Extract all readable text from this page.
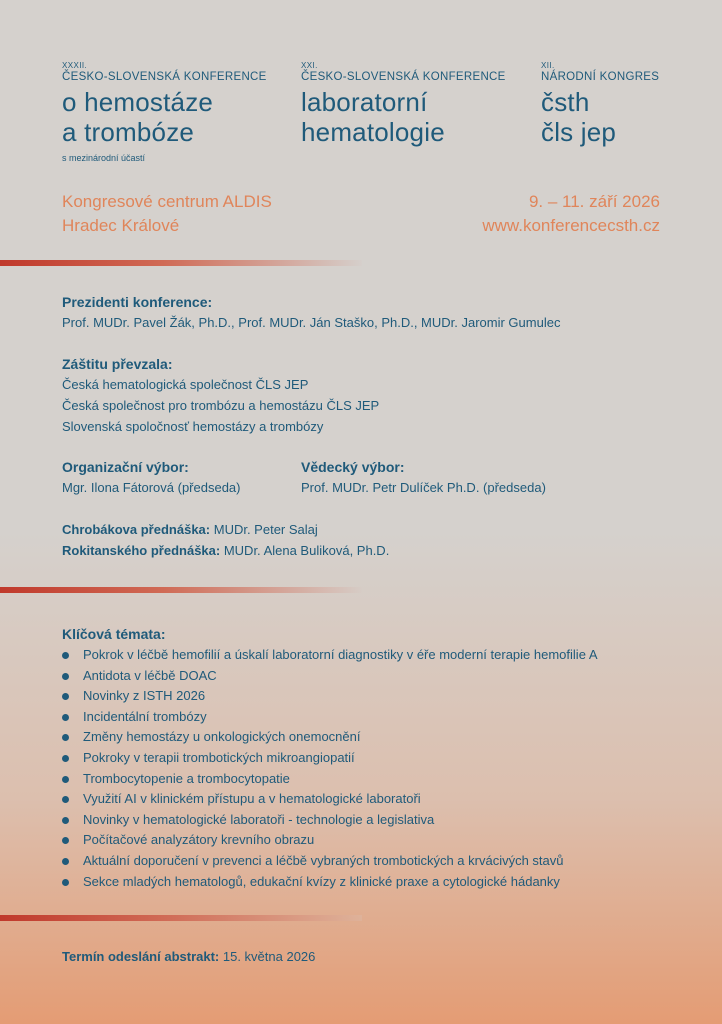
XXXII.
ČESKO-SLOVENSKÁ KONFERENCE
o hemostáze
a trombóze
s mezinárodní účastí
XXI.
ČESKO-SLOVENSKÁ KONFERENCE
laboratorní
hematologie
XII.
NÁRODNÍ KONGRES
čsth
čls jep
Kongresové centrum ALDIS
Hradec Králové
9. – 11. září 2026
www.konferencecsth.cz
Prezidenti konference:
Prof. MUDr. Pavel Žák, Ph.D., Prof. MUDr. Ján Staško, Ph.D., MUDr. Jaromir Gumulec
Záštitu převzala:
Česká hematologická společnost ČLS JEP
Česká společnost pro trombózu a hemostázu ČLS JEP
Slovenská spoločnosť hemostázy a trombózy
Organizační výbor:
Mgr. Ilona Fátorová (předseda)
Vědecký výbor:
Prof. MUDr. Petr Dulíček Ph.D. (předseda)
Chrobákova přednáška: MUDr. Peter Salaj
Rokitanského přednáška: MUDr. Alena Buliková, Ph.D.
Klíčová témata:
Pokrok v léčbě hemofilií a úskalí laboratorní diagnostiky v éře moderní terapie hemofilie A
Antidota v léčbě DOAC
Novinky z ISTH 2026
Incidentální trombózy
Změny hemostázy u onkologických onemocnění
Pokroky v terapii trombotických mikroangiopatií
Trombocytopenie a trombocytopatie
Využití AI v klinickém přístupu a v hematologické laboratoři
Novinky v hematologické laboratoři - technologie a legislativa
Počítačové analyzátory krevního obrazu
Aktuální doporučení v prevenci a léčbě vybraných trombotických a krvácivých stavů
Sekce mladých hematologů, edukační kvízy z klinické praxe a cytologické hádanky
Termín odeslání abstrakt: 15. května 2026
